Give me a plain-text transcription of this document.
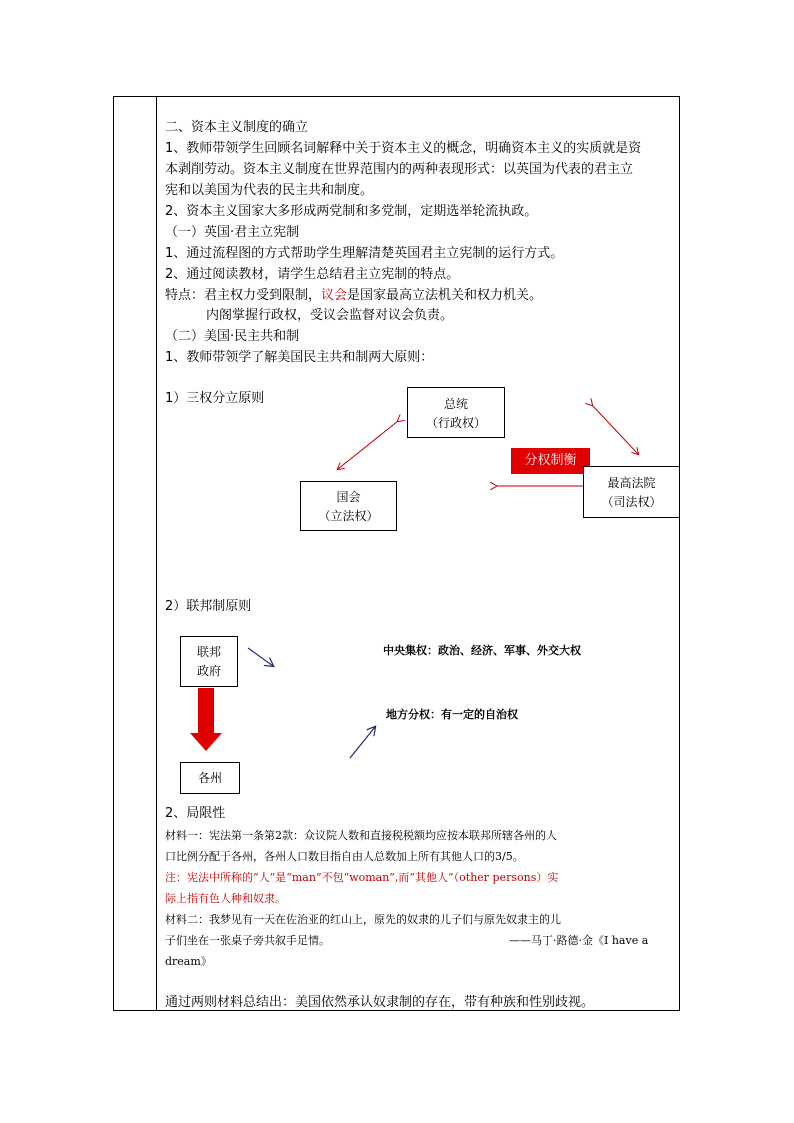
二、资本主义制度的确立
1、教师带领学生回顾名词解释中关于资本主义的概念，明确资本主义的实质就是资
本剥削劳动。资本主义制度在世界范围内的两种表现形式：以英国为代表的君主立
宪和以美国为代表的民主共和制度。
2、资本主义国家大多形成两党制和多党制，定期选举轮流执政。
（一）英国·君主立宪制
1、通过流程图的方式帮助学生理解清楚英国君主立宪制的运行方式。
2、通过阅读教材，请学生总结君主立宪制的特点。
特点：君主权力受到限制，议会是国家最高立法机关和权力机关。
内阁掌握行政权，受议会监督对议会负责。
（二）美国·民主共和制
1、教师带领学了解美国民主共和制两大原则：
1）三权分立原则	总统
（行政权）
分权制衡
最高法院
（司法权）
国会
（立法权）
2）联邦制原则
联邦
政府
各州
中央集权：政治、经济、军事、外交大权
地方分权：有一定的自治权
2、局限性
材料一：宪法第一条第2款：众议院人数和直接税税额均应按本联邦所辖各州的人
口比例分配于各州，各州人口数目指自由人总数加上所有其他人口的3/5。
注：宪法中所称的“人”是“man”不包“woman”,而“其他人”（other persons）实
际上指有色人种和奴隶。
材料二：我梦见有一天在佐治亚的红山上，原先的奴隶的儿子们与原先奴隶主的儿
子们坐在一张桌子旁共叙手足情。	——马丁·路德·金《I have a
dream》
通过两则材料总结出：美国依然承认奴隶制的存在，带有种族和性别歧视。
